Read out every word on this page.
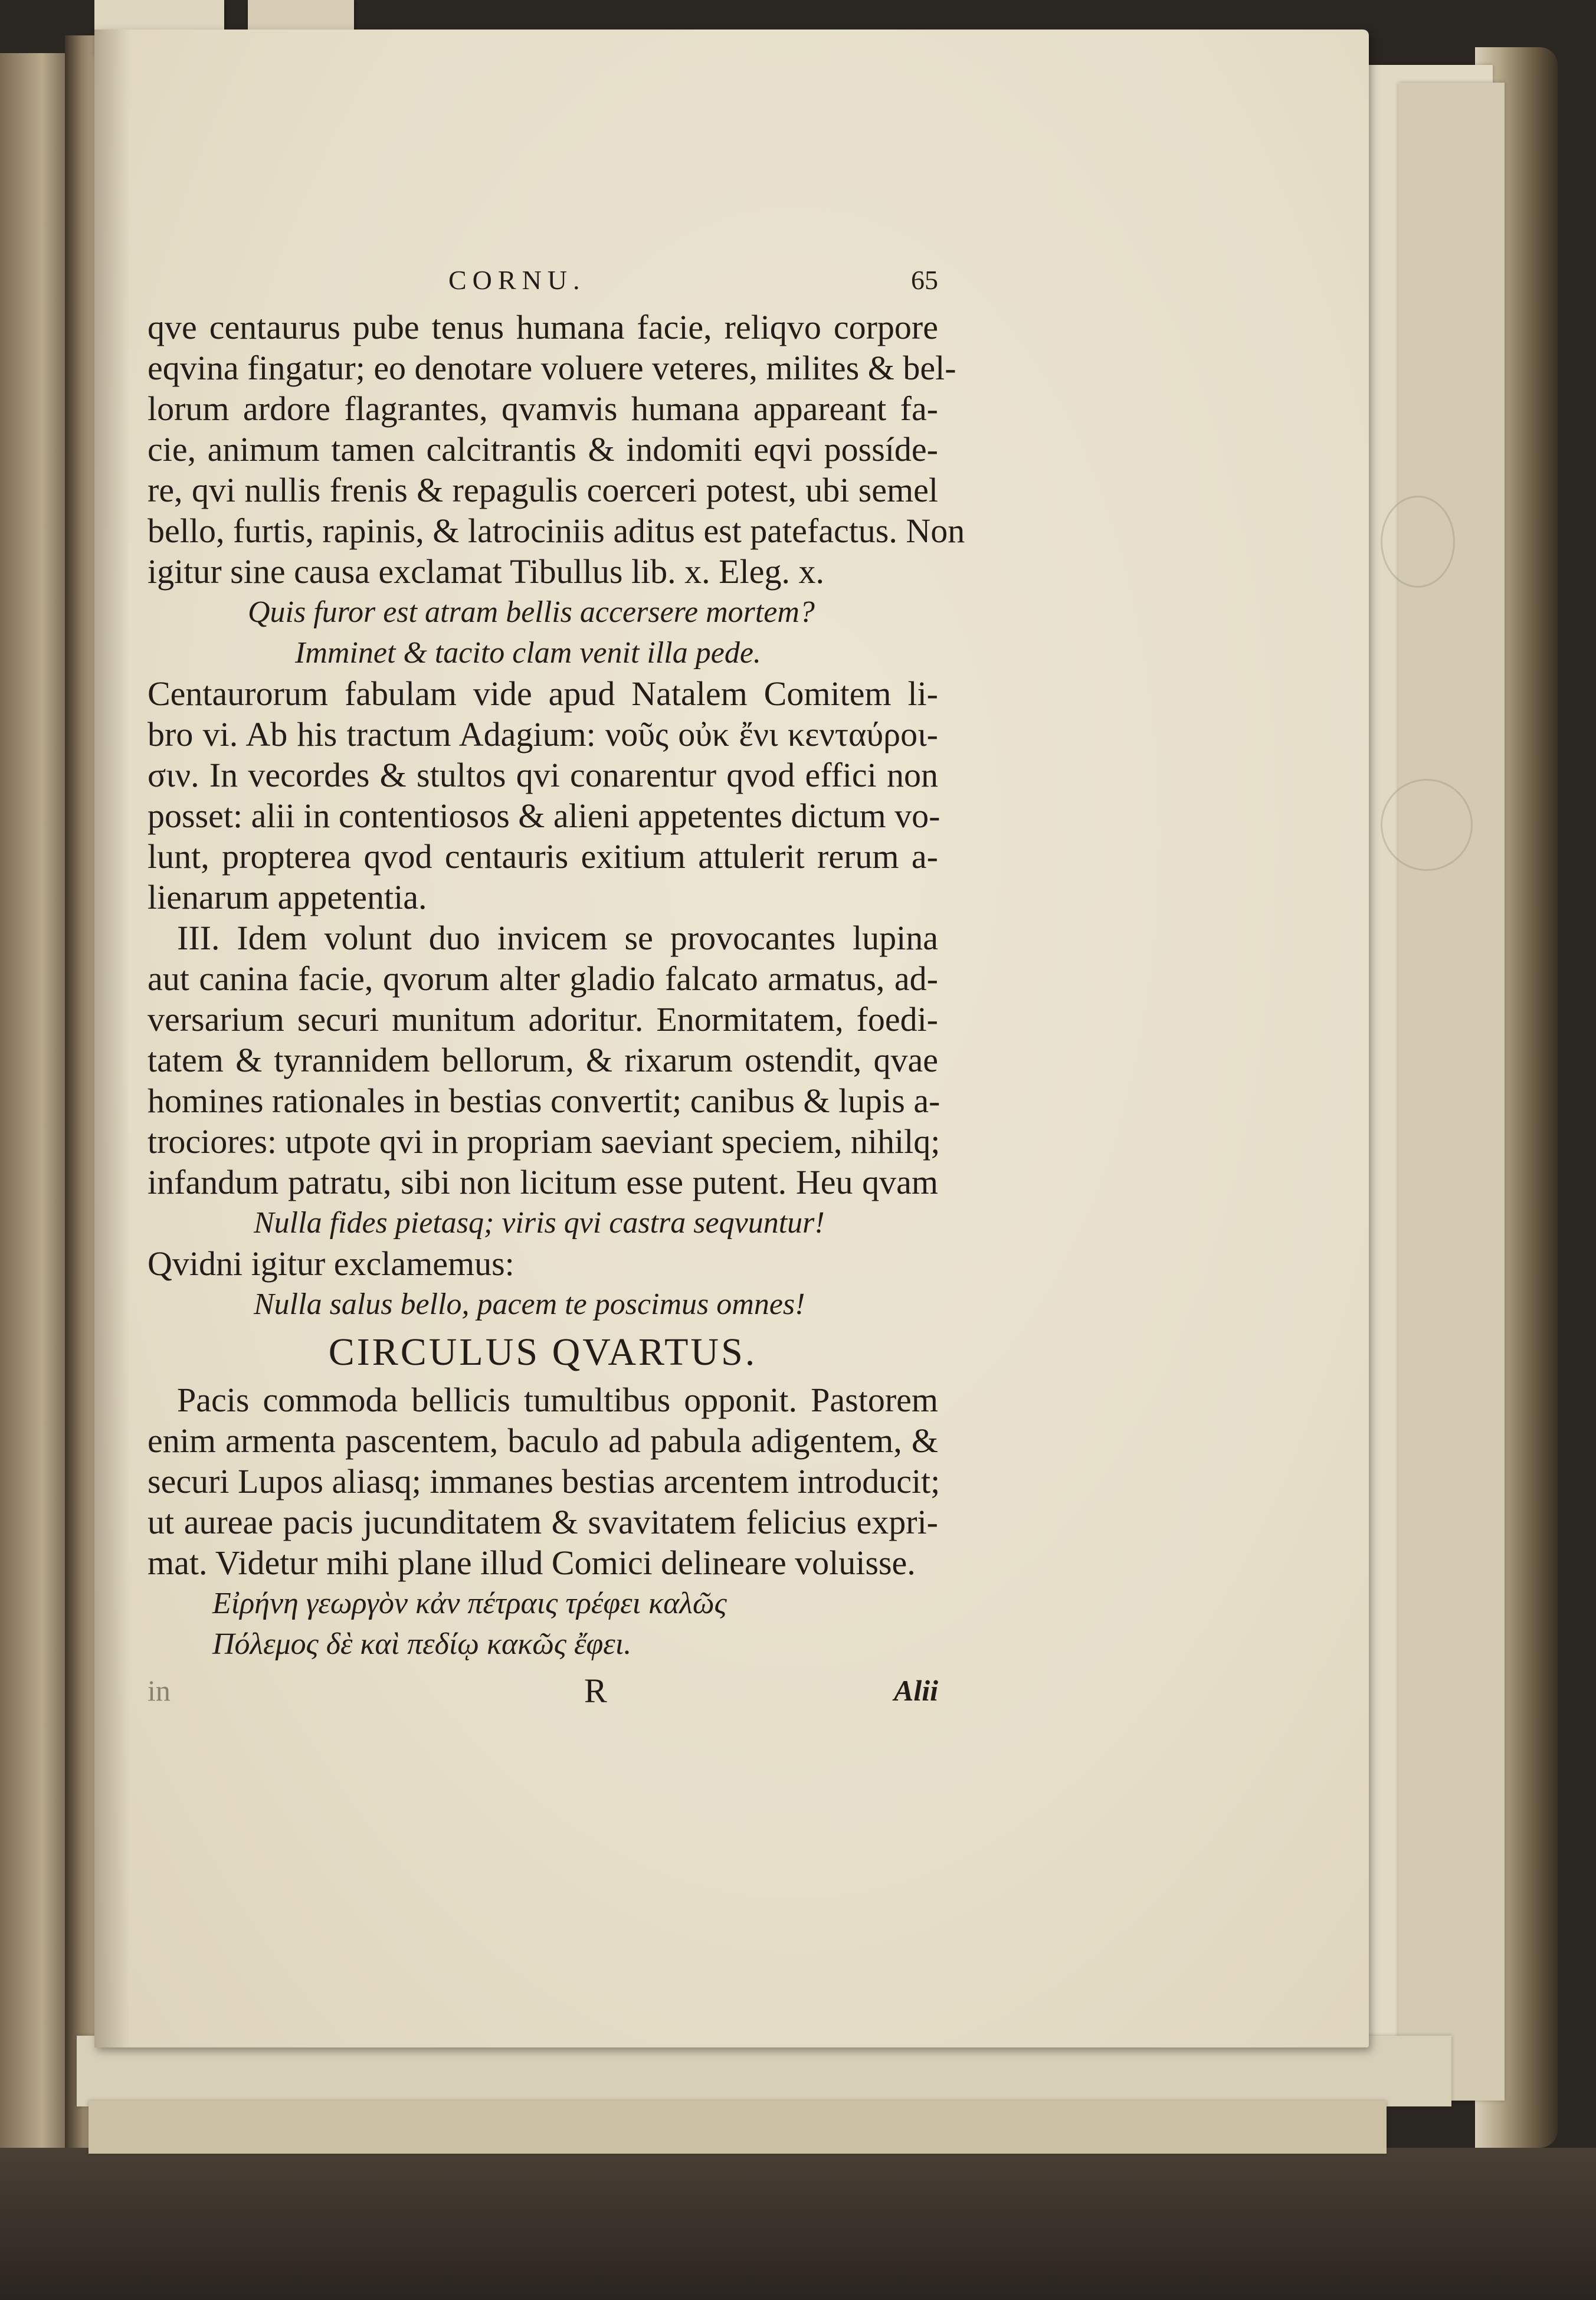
CORNU.	65
qve centaurus pube tenus humana facie, reliqvo corpore
eqvina fingatur; eo denotare voluere veteres, milites & bel-
lorum ardore flagrantes, qvamvis humana appareant fa-
cie, animum tamen calcitrantis & indomiti eqvi possíde-
re, qvi nullis frenis & repagulis coerceri potest, ubi semel
bello, furtis, rapinis, & latrociniis aditus est patefactus. Non
igitur sine causa exclamat Tibullus lib. x. Eleg. x.
Quis furor est atram bellis accersere mortem?
Imminet & tacito clam venit illa pede.
Centaurorum fabulam vide apud Natalem Comitem li-
bro vi. Ab his tractum Adagium: νοῦς οὐκ ἔνι κενταύροι-
σιν. In vecordes & stultos qvi conarentur qvod effici non
posset: alii in contentiosos & alieni appetentes dictum vo-
lunt, propterea qvod centauris exitium attulerit rerum a-
lienarum appetentia.
III. Idem volunt duo invicem se provocantes lupina
aut canina facie, qvorum alter gladio falcato armatus, ad-
versarium securi munitum adoritur. Enormitatem, foedi-
tatem & tyrannidem bellorum, & rixarum ostendit, qvae
homines rationales in bestias convertit; canibus & lupis a-
trociores: utpote qvi in propriam saeviant speciem, nihilq;
infandum patratu, sibi non licitum esse putent. Heu qvam
Nulla fides pietasq; viris qvi castra seqvuntur!
Qvidni igitur exclamemus:
Nulla salus bello, pacem te poscimus omnes!
CIRCULUS QVARTUS.
Pacis commoda bellicis tumultibus opponit. Pastorem
enim armenta pascentem, baculo ad pabula adigentem, &
securi Lupos aliasq; immanes bestias arcentem introducit;
ut aureae pacis jucunditatem & svavitatem felicius expri-
mat. Videtur mihi plane illud Comici delineare voluisse.
Εἰρήνη γεωργὸν κἀν πέτραις τρέφει καλῶς
Πόλεμος δὲ καὶ πεδίῳ κακῶς ἔφει.
in	R	Alii
